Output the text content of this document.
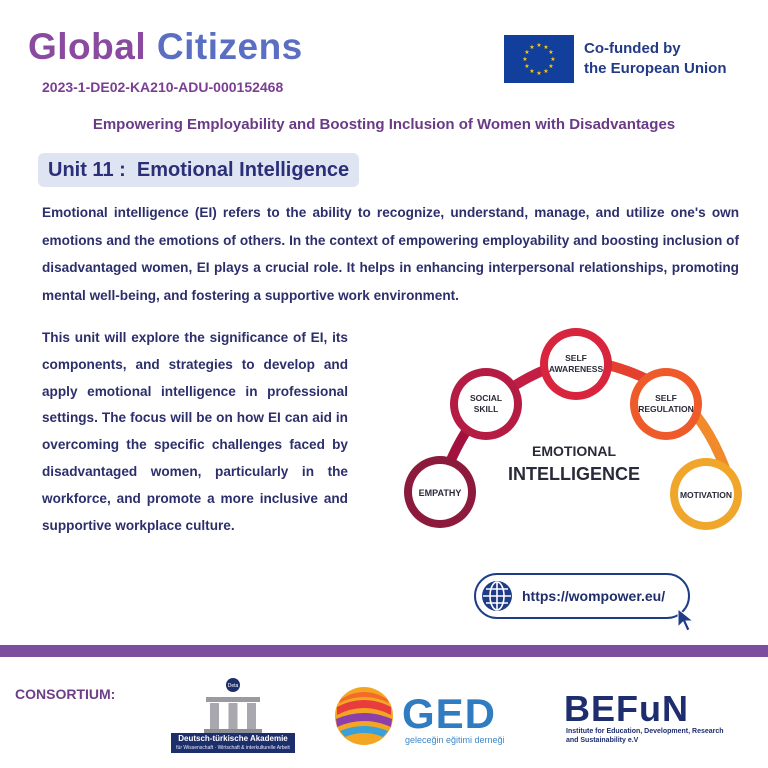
Global Citizens
2023-1-DE02-KA210-ADU-000152468
★ ★
★
★
★
★
★
★
★
★
★
★	Co-funded by
the European Union
Empowering Employability and Boosting Inclusion of Women with Disadvantages
Unit 11 :  Emotional Intelligence
Emotional intelligence (EI) refers to the ability to recognize, understand, manage, and utilize one's own emotions and the emotions of others. In the context of empowering employability and boosting inclusion of disadvantaged women, EI plays a crucial role. It helps in enhancing interpersonal relationships, promoting mental well-being, and fostering a supportive work environment.
This unit will explore the significance of EI, its components, and strategies to develop and apply emotional intelligence in professional settings. The focus will be on how EI can aid in overcoming the specific challenges faced by disadvantaged women, particularly in the workforce, and promote a more inclusive and supportive workplace culture.
EMPATHY
SOCIAL
SKILL
SELF
AWARENESS
SELF
REGULATION
MOTIVATION
EMOTIONAL
INTELLIGENCE
https://wompower.eu/
CONSORTIUM:	Deta
Deutsch-türkische Akademie
für Wissenschaft · Wirtschaft & interkulturelle Arbeit
GED
geleceğin eğitimi derneği
BEFuN
Institute for Education, Development, Research and Sustainability e.V
